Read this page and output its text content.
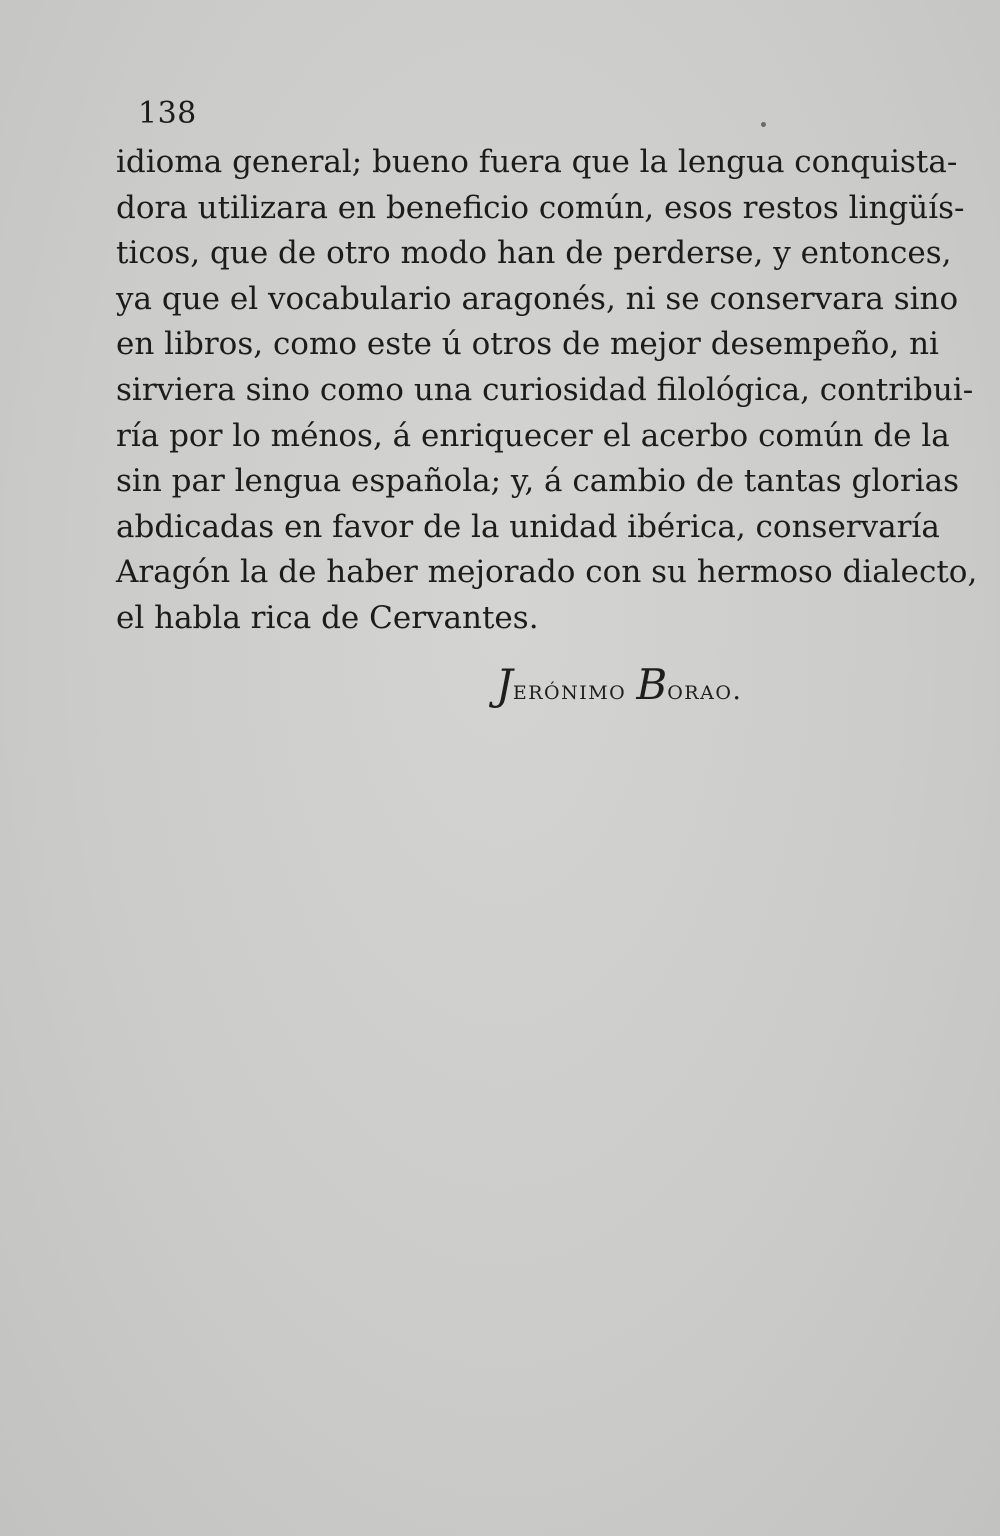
138
idioma general; bueno fuera que la lengua conquista-
dora utilizara en beneficio común, esos restos lingüís-
ticos, que de otro modo han de perderse, y entonces,
ya que el vocabulario aragonés, ni se conservara sino
en libros, como este ú otros de mejor desempeño, ni
sirviera sino como una curiosidad filológica, contribui-
ría por lo ménos, á enriquecer el acerbo común de la
sin par lengua española; y, á cambio de tantas glorias
abdicadas en favor de la unidad ibérica, conservaría
Aragón la de haber mejorado con su hermoso dialecto,
el habla rica de Cervantes.
Jerónimo Borao.
